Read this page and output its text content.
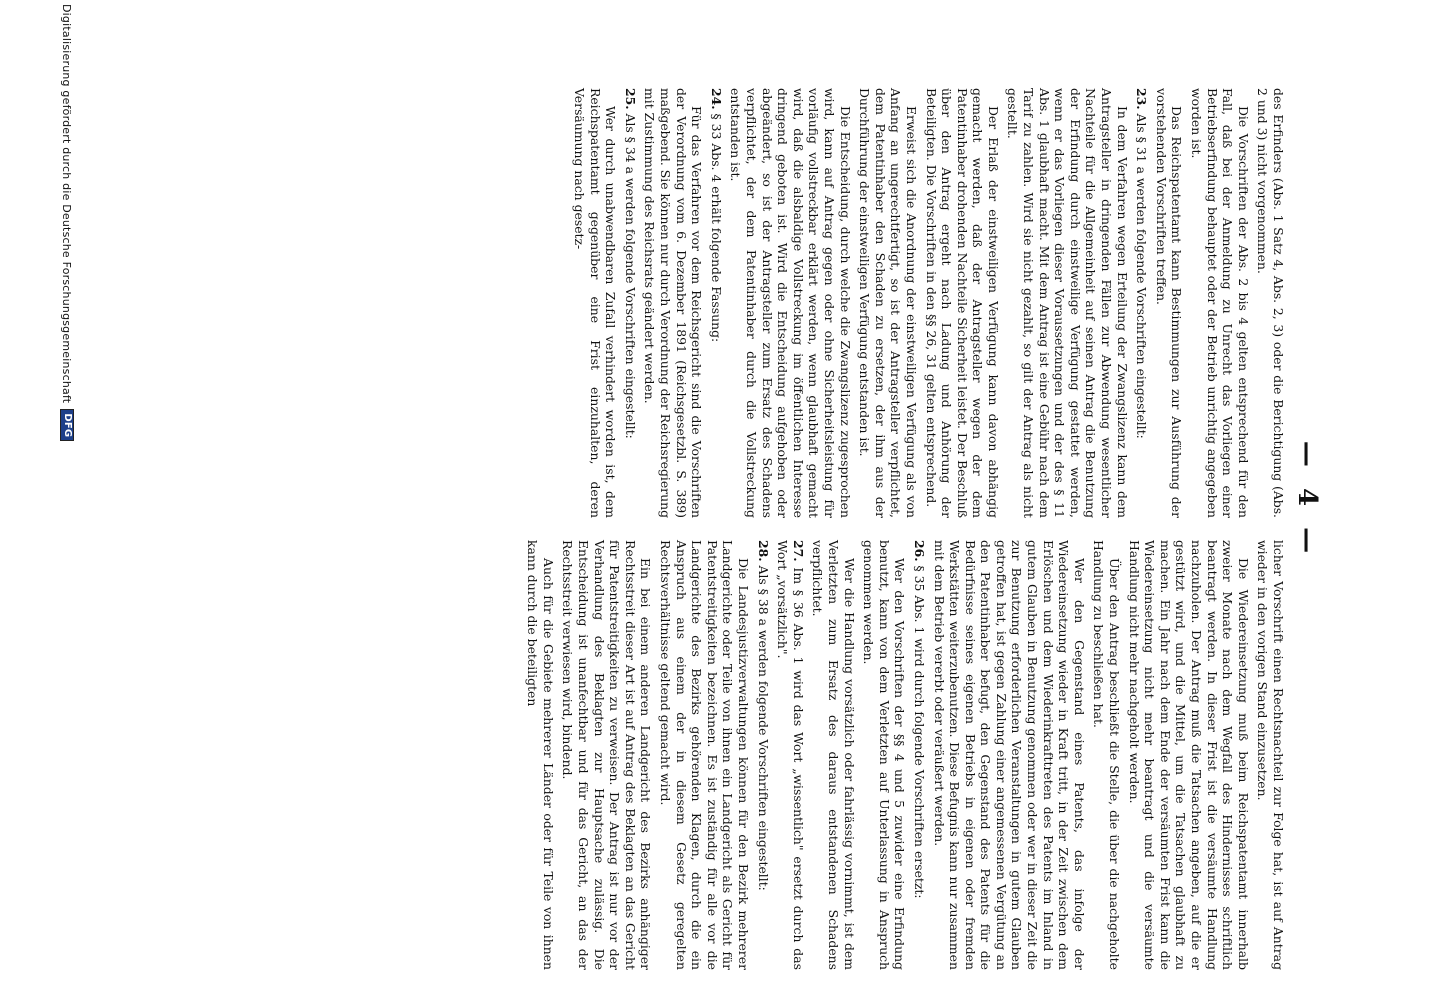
— 4 —

des Erfinders (Abs. 1 Satz 4, Abs. 2, 3) oder die Berichtigung (Abs. 2 und 3) nicht vorgenommen.

Die Vorschriften der Abs. 2 bis 4 gelten entsprechend für den Fall, daß bei der Anmeldung zu Unrecht das Vorliegen einer Betriebserfindung behauptet oder der Betrieb unrichtig angegeben worden ist.

Das Reichspatentamt kann Bestimmungen zur Ausführung der vorstehenden Vorschriften treffen.

23. Als § 31 a werden folgende Vorschriften eingestellt:

In dem Verfahren wegen Erteilung der Zwangslizenz kann dem Antragsteller in dringenden Fällen zur Abwendung wesentlicher Nachteile für die Allgemeinheit auf seinen Antrag die Benutzung der Erfindung durch einstweilige Verfügung gestattet werden, wenn er das Vorliegen dieser Voraussetzungen und der des § 11 Abs. 1 glaubhaft macht. Mit dem Antrag ist eine Gebühr nach dem Tarif zu zahlen. Wird sie nicht gezahlt, so gilt der Antrag als nicht gestellt.

Der Erlaß der einstweiligen Verfügung kann davon abhängig gemacht werden, daß der Antragsteller wegen der dem Patentinhaber drohenden Nachteile Sicherheit leistet. Der Beschluß über den Antrag ergeht nach Ladung und Anhörung der Beteiligten. Die Vorschriften in den §§ 26, 31 gelten entsprechend.

Erweist sich die Anordnung der einstweiligen Verfügung als von Anfang an ungerechtfertigt, so ist der Antragsteller verpflichtet, dem Patentinhaber den Schaden zu ersetzen, der ihm aus der Durchführung der einstweiligen Verfügung entstanden ist.

Die Entscheidung, durch welche die Zwangslizenz zugesprochen wird, kann auf Antrag gegen oder ohne Sicherheitsleistung für vorläufig vollstreckbar erklärt werden, wenn glaubhaft gemacht wird, daß die alsbaldige Vollstreckung im öffentlichen Interesse dringend geboten ist. Wird die Entscheidung aufgehoben oder abgeändert, so ist der Antragsteller zum Ersatz des Schadens verpflichtet, der dem Patentinhaber durch die Vollstreckung entstanden ist.

24. § 33 Abs. 4 erhält folgende Fassung:

Für das Verfahren vor dem Reichsgericht sind die Vorschriften der Verordnung vom 6. Dezember 1891 (Reichsgesetzbl. S. 389) maßgebend. Sie können nur durch Verordnung der Reichsregierung mit Zustimmung des Reichsrats geändert werden.

25. Als § 34 a werden folgende Vorschriften eingestellt:

Wer durch unabwendbaren Zufall verhindert worden ist, dem Reichspatentamt gegenüber eine Frist einzuhalten, deren Versäumung nach gesetz-

licher Vorschrift einen Rechtsnachteil zur Folge hat, ist auf Antrag wieder in den vorigen Stand einzusetzen.

Die Wiedereinsetzung muß beim Reichspatentamt innerhalb zweier Monate nach dem Wegfall des Hindernisses schriftlich beantragt werden. In dieser Frist ist die versäumte Handlung nachzuholen. Der Antrag muß die Tatsachen angeben, auf die er gestützt wird, und die Mittel, um die Tatsachen glaubhaft zu machen. Ein Jahr nach dem Ende der versäumten Frist kann die Wiedereinsetzung nicht mehr beantragt und die versäumte Handlung nicht mehr nachgeholt werden.

Über den Antrag beschließt die Stelle, die über die nachgeholte Handlung zu beschließen hat.

Wer den Gegenstand eines Patents, das infolge der Wiedereinsetzung wieder in Kraft tritt, in der Zeit zwischen dem Erlöschen und dem Wiederinkrafttreten des Patents im Inland in gutem Glauben in Benutzung genommen oder wer in dieser Zeit die zur Benutzung erforderlichen Veranstaltungen in gutem Glauben getroffen hat, ist gegen Zahlung einer angemessenen Vergütung an den Patentinhaber befugt, den Gegenstand des Patents für die Bedürfnisse seines eigenen Betriebs in eigenen oder fremden Werkstätten weiterzubenutzen. Diese Befugnis kann nur zusammen mit dem Betrieb vererbt oder veräußert werden.

26. § 35 Abs. 1 wird durch folgende Vorschriften ersetzt:

Wer den Vorschriften der §§ 4 und 5 zuwider eine Erfindung benutzt, kann von dem Verletzten auf Unterlassung in Anspruch genommen werden.

Wer die Handlung vorsätzlich oder fahrlässig vornimmt, ist dem Verletzten zum Ersatz des daraus entstandenen Schadens verpflichtet.

27. Im § 36 Abs. 1 wird das Wort „wissentlich" ersetzt durch das Wort „vorsätzlich".

28. Als § 38 a werden folgende Vorschriften eingestellt:

Die Landesjustizverwaltungen können für den Bezirk mehrerer Landgerichte oder Teile von ihnen ein Landgericht als Gericht für Patentstreitigkeiten bezeichnen. Es ist zuständig für alle vor die Landgerichte des Bezirks gehörenden Klagen, durch die ein Anspruch aus einem der in diesem Gesetz geregelten Rechtsverhältnisse geltend gemacht wird.

Ein bei einem anderen Landgericht des Bezirks anhängiger Rechtsstreit dieser Art ist auf Antrag des Beklagten an das Gericht für Patentstreitigkeiten zu verweisen. Der Antrag ist nur vor der Verhandlung des Beklagten zur Hauptsache zulässig. Die Entscheidung ist unanfechtbar und für das Gericht, an das der Rechtsstreit verwiesen wird, bindend.

Auch für die Gebiete mehrerer Länder oder für Teile von ihnen kann durch die beteiligten

Digitalisierung gefördert durch die Deutsche Forschungsgemeinschaft
DFG
